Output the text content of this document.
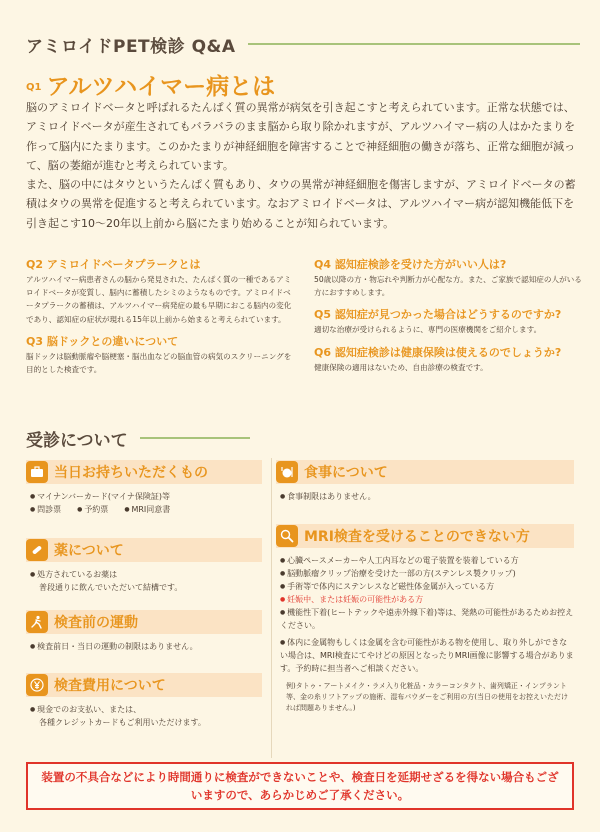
アミロイドPET検診 Q&A
Q1 アルツハイマー病とは

脳のアミロイドベータと呼ばれるたんぱく質の異常が病気を引き起こすと考えられています。正常な状態では、アミロイドベータが産生されてもバラバラのまま脳から取り除かれますが、アルツハイマー病の人はかたまりを作って脳内にたまります。このかたまりが神経細胞を障害することで神経細胞の働きが落ち、正常な細胞が減って、脳の萎縮が進むと考えられています。

また、脳の中にはタウというたんぱく質もあり、タウの異常が神経細胞を傷害しますが、アミロイドベータの蓄積はタウの異常を促進すると考えられています。なおアミロイドベータは、アルツハイマー病が認知機能低下を引き起こす10〜20年以上前から脳にたまり始めることが知られています。

Q2 アミロイドベータプラークとは
アルツハイマー病患者さんの脳から発見された、たんぱく質の一種であるアミロイドベータが変質し、脳内に蓄積したシミのようなものです。アミロイドベータプラークの蓄積は、アルツハイマー病発症の最も早期におこる脳内の変化であり、認知症の症状が現れる15年以上前から始まると考えられています。
Q3 脳ドックとの違いについて
脳ドックは脳動脈瘤や脳梗塞・脳出血などの脳血管の病気のスクリーニングを目的とした検査です。
Q4 認知症検診を受けた方がいい人は?
50歳以降の方・物忘れや判断力が心配な方。また、ご家族で認知症の人がいる方におすすめします。
Q5 認知症が見つかった場合はどうするのですか?
適切な治療が受けられるように、専門の医療機関をご紹介します。
Q6 認知症検診は健康保険は使えるのでしょうか?
健康保険の適用はないため、自由診療の検査です。
受診について
当日お持ちいただくもの
● マイナンバーカード(マイナ保険証)等
● 問診票	● 予約票	● MRI同意書
薬について
● 処方されているお薬は
普段通りに飲んでいただいて結構です。
検査前の運動
● 検査前日・当日の運動の制限はありません。
検査費用について
● 現金でのお支払い、または、
各種クレジットカードもご利用いただけます。
食事について
● 食事制限はありません。
MRI検査を受けることのできない方
● 心臓ペースメーカーや人工内耳などの電子装置を装着している方
● 脳動脈瘤クリップ治療を受けた一部の方(ステンレス製クリップ)
● 手術等で体内にステンレスなど磁性体金属が入っている方
● 妊娠中、または妊娠の可能性がある方
● 機能性下着(ヒートテックや遠赤外線下着)等は、発熱の可能性があるためお控えください。
● 体内に金属物もしくは金属を含む可能性がある物を使用し、取り外しができない場合は、MRI検査にてやけどの原因となったりMRI画像に影響する場合があります。予約時に担当者へご相談ください。
例)タトゥ・アートメイク・ラメ入り化粧品・カラーコンタクト、歯列矯正・インプラント等、金の糸リフトアップの施術、湿布パウダーをご利用の方(当日の使用をお控えいただければ問題ありません。)
装置の不具合などにより時間通りに検査ができないことや、検査日を延期せざるを得ない場合もございますので、あらかじめご了承ください。
